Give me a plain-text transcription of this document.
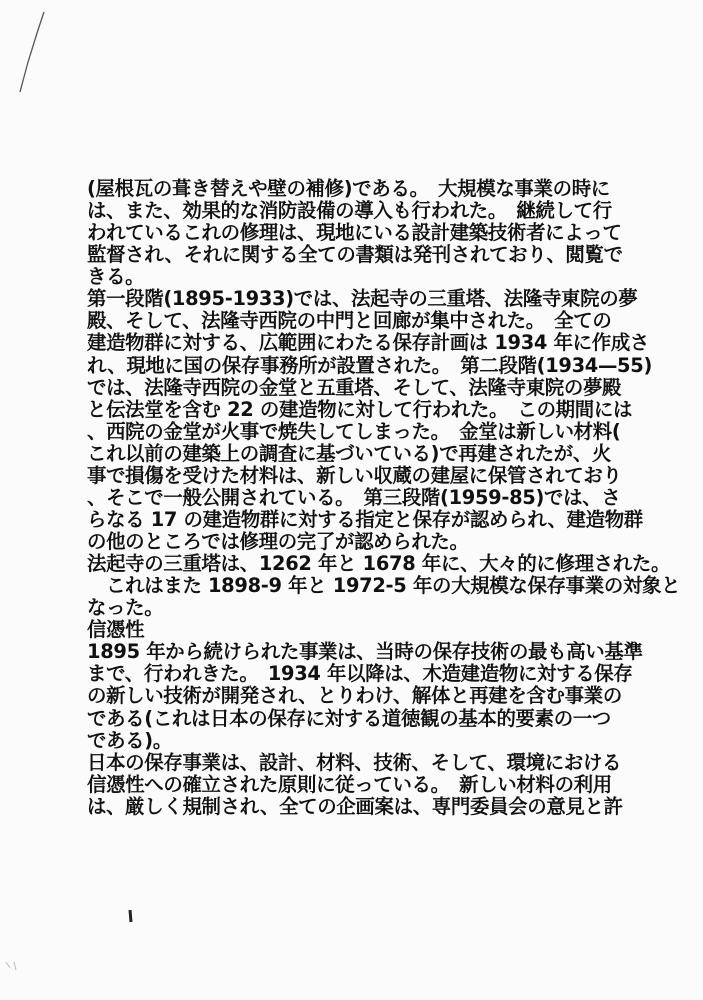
(屋根瓦の葺き替えや壁の補修)である。　大規模な事業の時に
は、また、効果的な消防設備の導入も行われた。　継続して行
われているこれの修理は、現地にいる設計建築技術者によって
監督され、それに関する全ての書類は発刊されており、閲覧で
きる。
第一段階(1895-1933)では、法起寺の三重塔、法隆寺東院の夢
殿、そして、法隆寺西院の中門と回廊が集中された。　全ての
建造物群に対する、広範囲にわたる保存計画は 1934 年に作成さ
れ、現地に国の保存事務所が設置された。　第二段階(1934—55)
では、法隆寺西院の金堂と五重塔、そして、法隆寺東院の夢殿
と伝法堂を含む 22 の建造物に対して行われた。　この期間には
、西院の金堂が火事で焼失してしまった。　金堂は新しい材料(
これ以前の建築上の調査に基づいている)で再建されたが、火
事で損傷を受けた材料は、新しい収蔵の建屋に保管されており
、そこで一般公開されている。　第三段階(1959-85)では、さ
らなる 17 の建造物群に対する指定と保存が認められ、建造物群
の他のところでは修理の完了が認められた。
法起寺の三重塔は、1262 年と 1678 年に、大々的に修理された。
　これはまた 1898-9 年と 1972-5 年の大規模な保存事業の対象と
なった。
信憑性
1895 年から続けられた事業は、当時の保存技術の最も高い基準
まで、行われきた。　1934 年以降は、木造建造物に対する保存
の新しい技術が開発され、とりわけ、解体と再建を含む事業の
である(これは日本の保存に対する道徳観の基本的要素の一つ
である)。
日本の保存事業は、設計、材料、技術、そして、環境における
信憑性への確立された原則に従っている。　新しい材料の利用
は、厳しく規制され、全ての企画案は、専門委員会の意見と許
